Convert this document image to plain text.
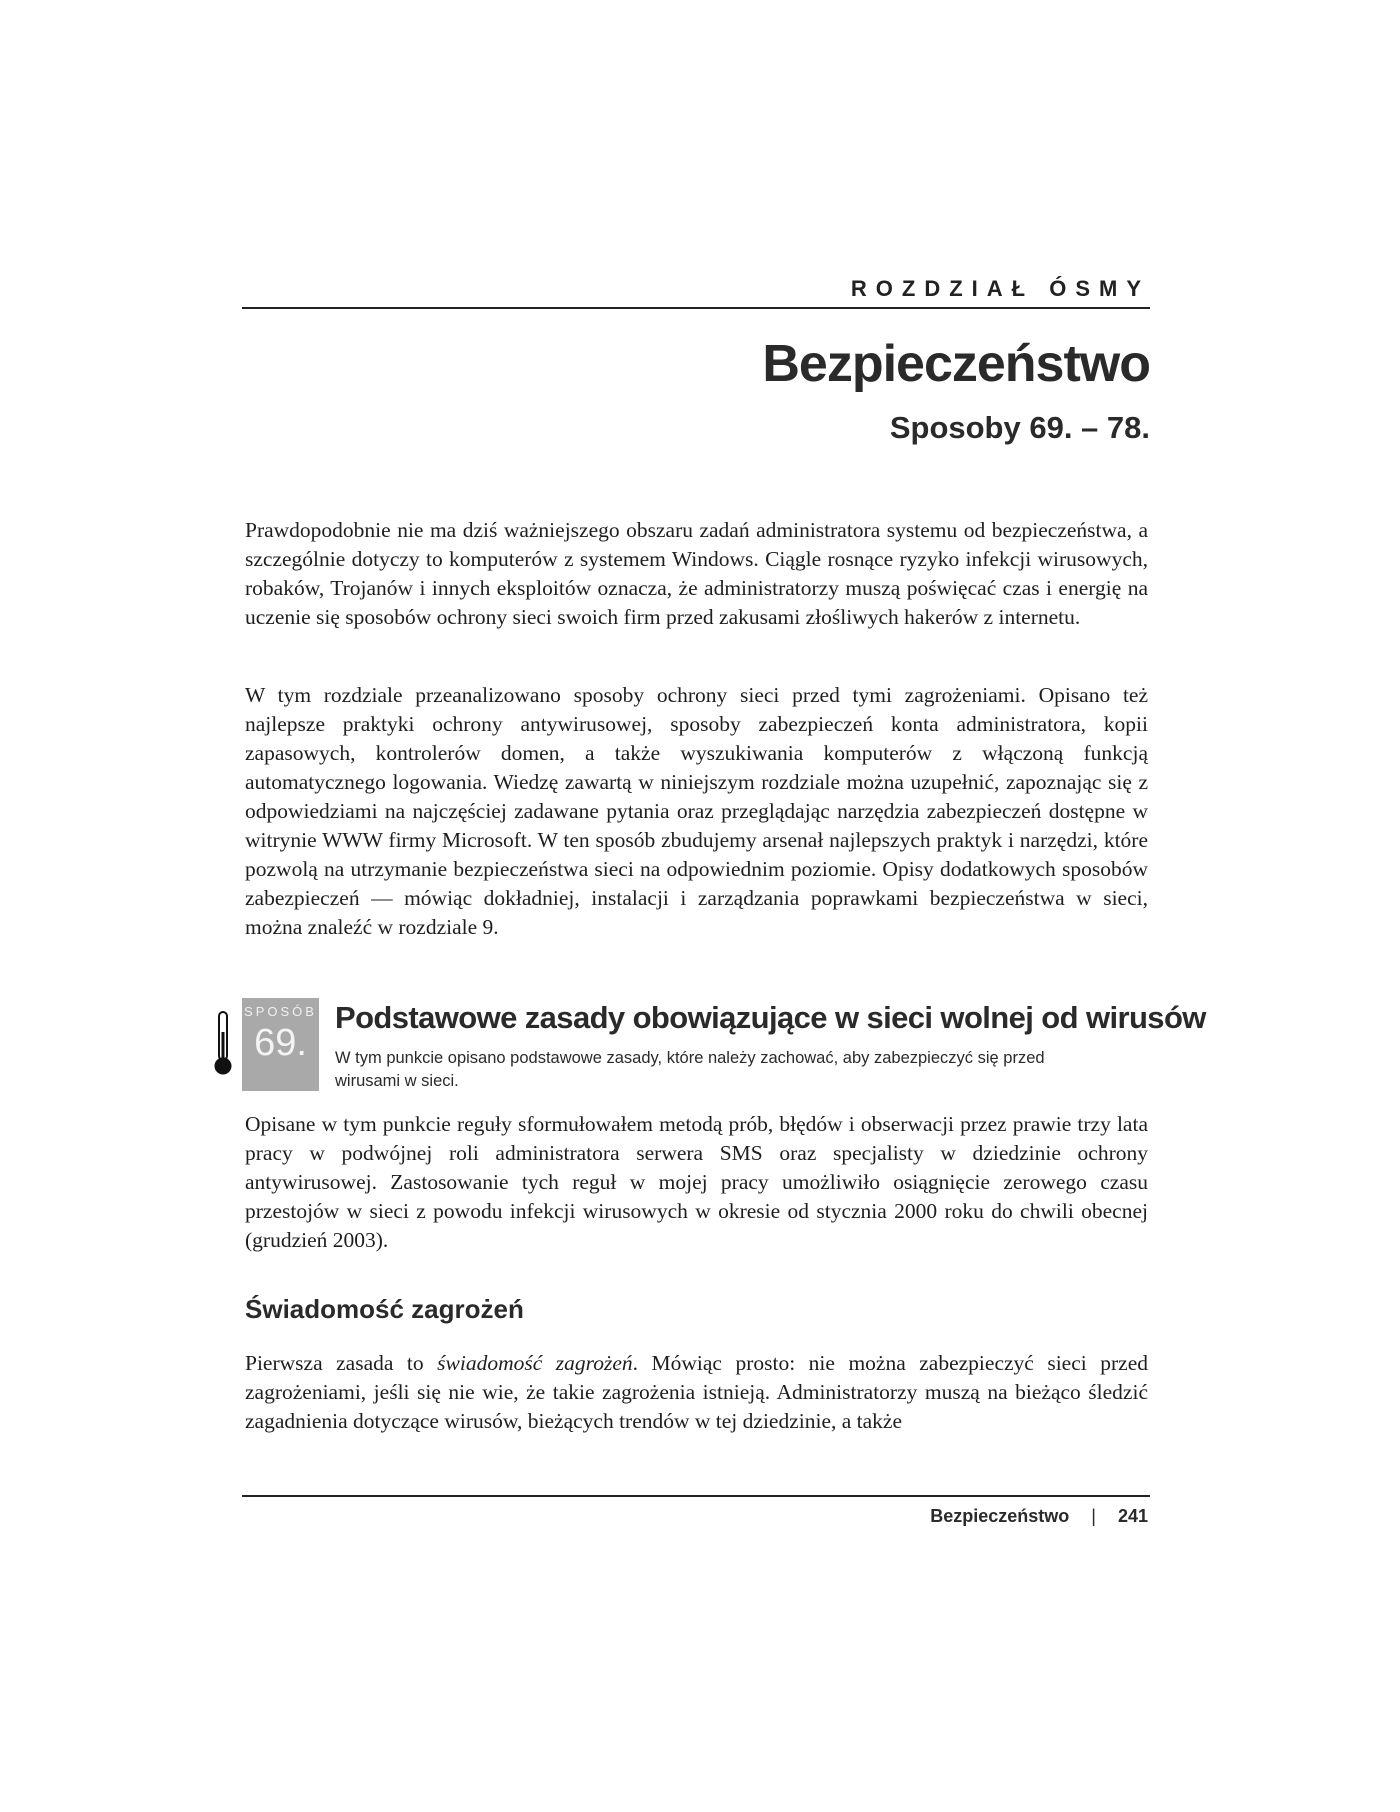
ROZDZIAŁ ÓSMY
Bezpieczeństwo
Sposoby 69. – 78.

Prawdopodobnie nie ma dziś ważniejszego obszaru zadań administratora systemu od bezpieczeństwa, a szczególnie dotyczy to komputerów z systemem Windows. Ciągle rosnące ryzyko infekcji wirusowych, robaków, Trojanów i innych eksploitów oznacza, że administratorzy muszą poświęcać czas i energię na uczenie się sposobów ochrony sieci swoich firm przed zakusami złośliwych hakerów z internetu.

W tym rozdziale przeanalizowano sposoby ochrony sieci przed tymi zagrożeniami. Opisano też najlepsze praktyki ochrony antywirusowej, sposoby zabezpieczeń konta administratora, kopii zapasowych, kontrolerów domen, a także wyszukiwania komputerów z włączoną funkcją automatycznego logowania. Wiedzę zawartą w niniejszym rozdziale można uzupełnić, zapoznając się z odpowiedziami na najczęściej zadawane pytania oraz przeglądając narzędzia zabezpieczeń dostępne w witrynie WWW firmy Microsoft. W ten sposób zbudujemy arsenał najlepszych praktyk i narzędzi, które pozwolą na utrzymanie bezpieczeństwa sieci na odpowiednim poziomie. Opisy dodatkowych sposobów zabezpieczeń — mówiąc dokładniej, instalacji i zarządzania poprawkami bezpieczeństwa w sieci, można znaleźć w rozdziale 9.

SPOSÓB
69.
Podstawowe zasady obowiązujące w sieci wolnej od wirusów
W tym punkcie opisano podstawowe zasady, które należy zachować, aby zabezpieczyć się przed wirusami w sieci.

Opisane w tym punkcie reguły sformułowałem metodą prób, błędów i obserwacji przez prawie trzy lata pracy w podwójnej roli administratora serwera SMS oraz specjalisty w dziedzinie ochrony antywirusowej. Zastosowanie tych reguł w mojej pracy umożliwiło osiągnięcie zerowego czasu przestojów w sieci z powodu infekcji wirusowych w okresie od stycznia 2000 roku do chwili obecnej (grudzień 2003).

Świadomość zagrożeń

Pierwsza zasada to świadomość zagrożeń. Mówiąc prosto: nie można zabezpieczyć sieci przed zagrożeniami, jeśli się nie wie, że takie zagrożenia istnieją. Administratorzy muszą na bieżąco śledzić zagadnienia dotyczące wirusów, bieżących trendów w tej dziedzinie, a także

Bezpieczeństwo | 241
